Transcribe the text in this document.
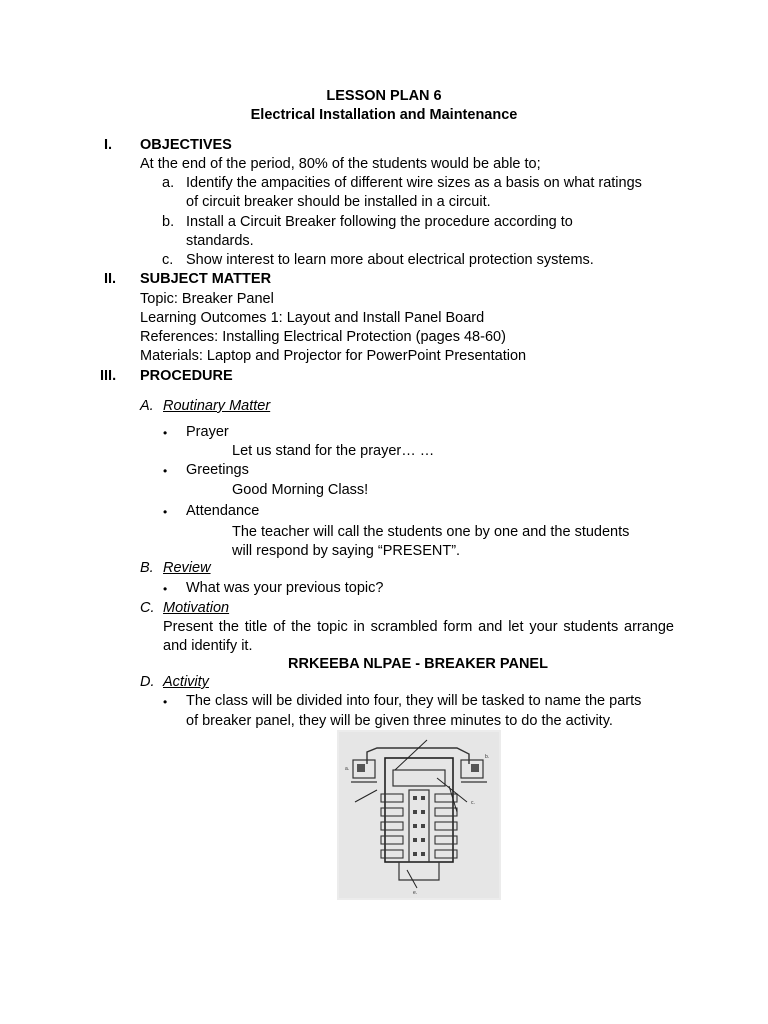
LESSON PLAN 6
Electrical Installation and Maintenance
I. OBJECTIVES
At the end of the period, 80% of the students would be able to;
a. Identify the ampacities of different wire sizes as a basis on what ratings
of circuit breaker should be installed in a circuit.
b. Install a Circuit Breaker following the procedure according to
standards.
c. Show interest to learn more about electrical protection systems.
II. SUBJECT MATTER
Topic: Breaker Panel
Learning Outcomes 1: Layout and Install Panel Board
References: Installing Electrical Protection (pages 48-60)
Materials: Laptop and Projector for PowerPoint Presentation
III. PROCEDURE
A. Routinary Matter
• Prayer
Let us stand for the prayer… …
• Greetings
Good Morning Class!
• Attendance
The teacher will call the students one by one and the students
will respond by saying “PRESENT”.
B. Review
• What was your previous topic?
C. Motivation
Present the title of the topic in scrambled form and let your students arrange and identify it.
RRKEEBA NLPAE - BREAKER PANEL
D. Activity
• The class will be divided into four, they will be tasked to name the parts
of breaker panel, they will be given three minutes to do the activity.
a.
b.
c.
e.
